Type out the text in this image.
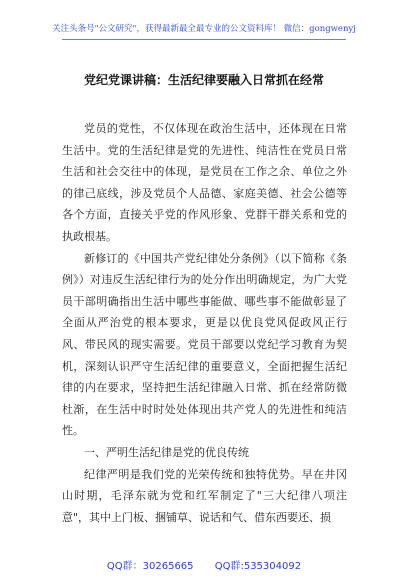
关注头条号"公文研究"，获得最新最全最专业的公文资料库！ 微信：gongwenyj
党纪党课讲稿：生活纪律要融入日常抓在经常

党员的党性，不仅体现在政治生活中，还体现在日常生活中。党的生活纪律是党的先进性、纯洁性在党员日常生活和社会交往中的体现，是党员在工作之余、单位之外的律己底线，涉及党员个人品德、家庭美德、社会公德等各个方面，直接关乎党的作风形象、党群干群关系和党的执政根基。

新修订的《中国共产党纪律处分条例》（以下简称《条例》）对违反生活纪律行为的处分作出明确规定，为广大党员干部明确指出生活中哪些事能做、哪些事不能做彰显了全面从严治党的根本要求，更是以优良党风促政风正行风、带民风的现实需要。党员干部要以党纪学习教育为契机，深刻认识严守生活纪律的重要意义，全面把握生活纪律的内在要求，坚持把生活纪律融入日常、抓在经常防微杜渐，在生活中时时处处体现出共产党人的先进性和纯洁性。

一、严明生活纪律是党的优良传统

纪律严明是我们党的光荣传统和独特优势。早在井冈山时期，毛泽东就为党和红军制定了"三大纪律八项注意"，其中上门板、捆铺草、说话和气、借东西要还、损

QQ群：30265665 QQ群:535304092
